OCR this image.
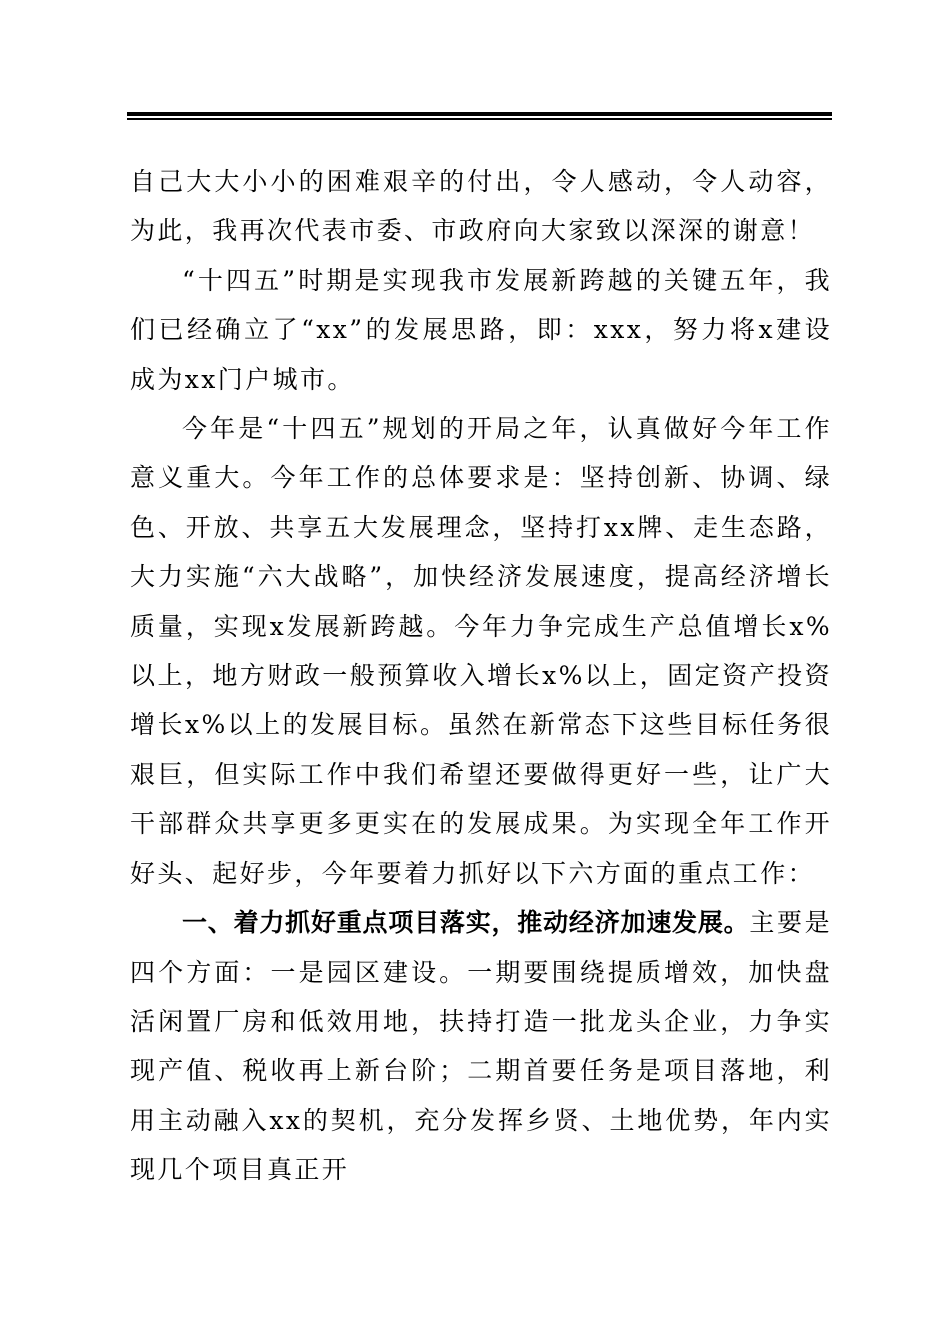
自己大大小小的困难艰辛的付出，令人感动，令人动容，为此，我再次代表市委、市政府向大家致以深深的谢意！

“十四五”时期是实现我市发展新跨越的关键五年，我们已经确立了“xx”的发展思路，即：xxx，努力将x建设成为xx门户城市。

今年是“十四五”规划的开局之年，认真做好今年工作意义重大。今年工作的总体要求是：坚持创新、协调、绿色、开放、共享五大发展理念，坚持打xx牌、走生态路，大力实施“六大战略”，加快经济发展速度，提高经济增长质量，实现x发展新跨越。今年力争完成生产总值增长x%以上，地方财政一般预算收入增长x%以上，固定资产投资增长x%以上的发展目标。虽然在新常态下这些目标任务很艰巨，但实际工作中我们希望还要做得更好一些，让广大干部群众共享更多更实在的发展成果。为实现全年工作开好头、起好步，今年要着力抓好以下六方面的重点工作：

一、着力抓好重点项目落实，推动经济加速发展。主要是四个方面：一是园区建设。一期要围绕提质增效，加快盘活闲置厂房和低效用地，扶持打造一批龙头企业，力争实现产值、税收再上新台阶；二期首要任务是项目落地，利用主动融入xx的契机，充分发挥乡贤、土地优势，年内实现几个项目真正开
